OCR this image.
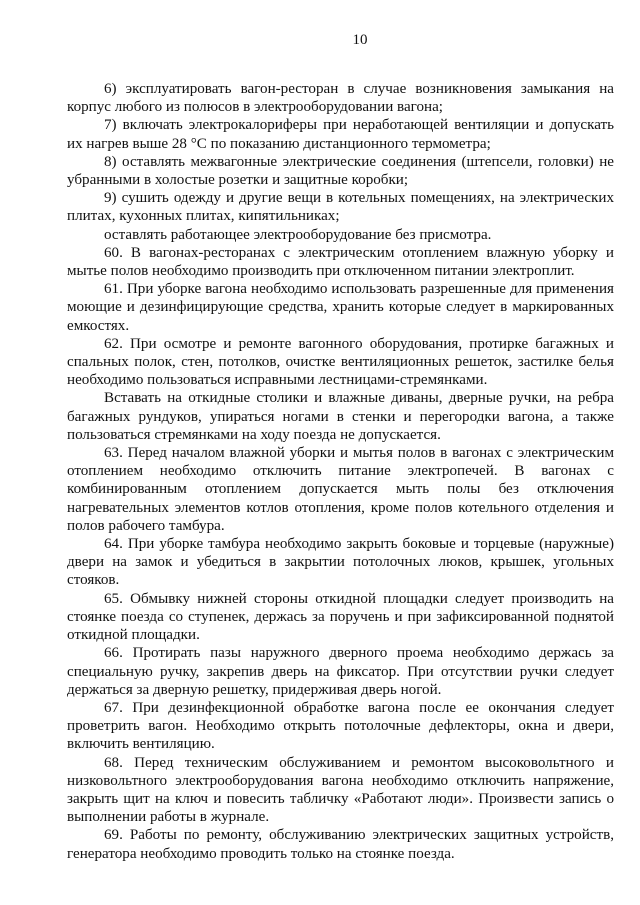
10

6) эксплуатировать вагон-ресторан в случае возникновения замыкания на корпус любого из полюсов в электрооборудовании вагона;

7) включать электрокалориферы при неработающей вентиляции и допускать их нагрев выше 28 °С по показанию дистанционного термометра;

8) оставлять межвагонные электрические соединения (штепсели, головки) не убранными в холостые розетки и защитные коробки;

9) сушить одежду и другие вещи в котельных помещениях, на электрических плитах, кухонных плитах, кипятильниках;

оставлять работающее электрооборудование без присмотра.

60. В вагонах-ресторанах с электрическим отоплением влажную уборку и мытье полов необходимо производить при отключенном питании электроплит.

61. При уборке вагона необходимо использовать разрешенные для применения моющие и дезинфицирующие средства, хранить которые следует в маркированных емкостях.

62. При осмотре и ремонте вагонного оборудования, протирке багажных и спальных полок, стен, потолков, очистке вентиляционных решеток, застилке белья необходимо пользоваться исправными лестницами-стремянками.

Вставать на откидные столики и влажные диваны, дверные ручки, на ребра багажных рундуков, упираться ногами в стенки и перегородки вагона, а также пользоваться стремянками на ходу поезда не допускается.

63. Перед началом влажной уборки и мытья полов в вагонах с электрическим отоплением необходимо отключить питание электропечей. В вагонах с комбинированным отоплением допускается мыть полы без отключения нагревательных элементов котлов отопления, кроме полов котельного отделения и полов рабочего тамбура.

64. При уборке тамбура необходимо закрыть боковые и торцевые (наружные) двери на замок и убедиться в закрытии потолочных люков, крышек, угольных стояков.

65. Обмывку нижней стороны откидной площадки следует производить на стоянке поезда со ступенек, держась за поручень и при зафиксированной поднятой откидной площадки.

66. Протирать пазы наружного дверного проема необходимо держась за специальную ручку, закрепив дверь на фиксатор. При отсутствии ручки следует держаться за дверную решетку, придерживая дверь ногой.

67. При дезинфекционной обработке вагона после ее окончания следует проветрить вагон. Необходимо открыть потолочные дефлекторы, окна и двери, включить вентиляцию.

68. Перед техническим обслуживанием и ремонтом высоковольтного и низковольтного электрооборудования вагона необходимо отключить напряжение, закрыть щит на ключ и повесить табличку «Работают люди». Произвести запись о выполнении работы в журнале.

69. Работы по ремонту, обслуживанию электрических защитных устройств, генератора необходимо проводить только на стоянке поезда.
